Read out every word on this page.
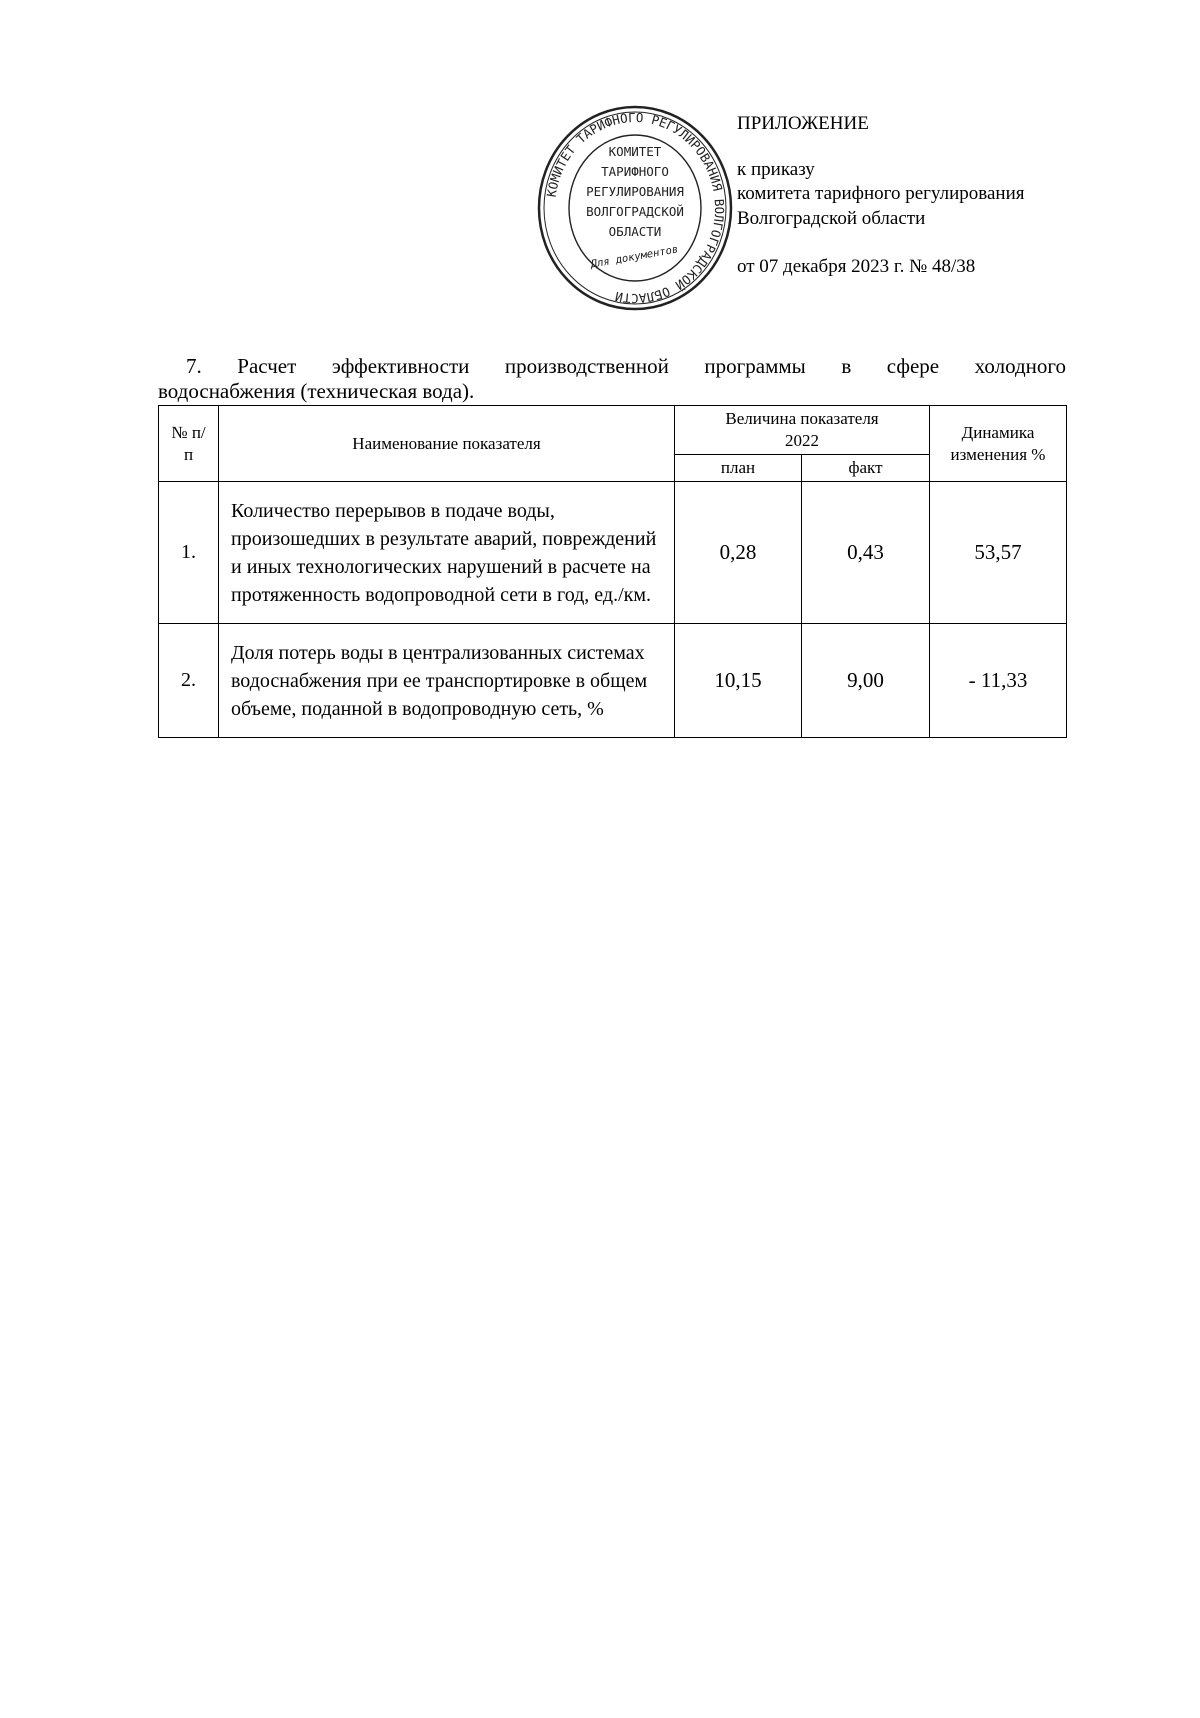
ПРИЛОЖЕНИЕ
к приказу
комитета тарифного регулирования
Волгоградской области
от 07 декабря 2023 г. № 48/38
КОМИТЕТ ТАРИФНОГО РЕГУЛИРОВАНИЯ ВОЛГОГРАДСКОЙ ОБЛАСТИ
КОМИТЕТ
ТАРИФНОГО
РЕГУЛИРОВАНИЯ
ВОЛГОГРАДСКОЙ
ОБЛАСТИ
Для документов
7. Расчет эффективности производственной программы в сфере холодного
водоснабжения (техническая вода).
№ п/п	Наименование показателя	Величина показателя 2022		Динамика изменения %
		план	факт	
1.	Количество перерывов в подаче воды, произошедших в результате аварий, повреждений и иных технологических нарушений в расчете на протяженность водопроводной сети в год, ед./км.	0,28	0,43	53,57
2.	Доля потерь воды в централизованных системах водоснабжения при ее транспортировке в общем объеме, поданной в водопроводную сеть, %	10,15	9,00	- 11,33
